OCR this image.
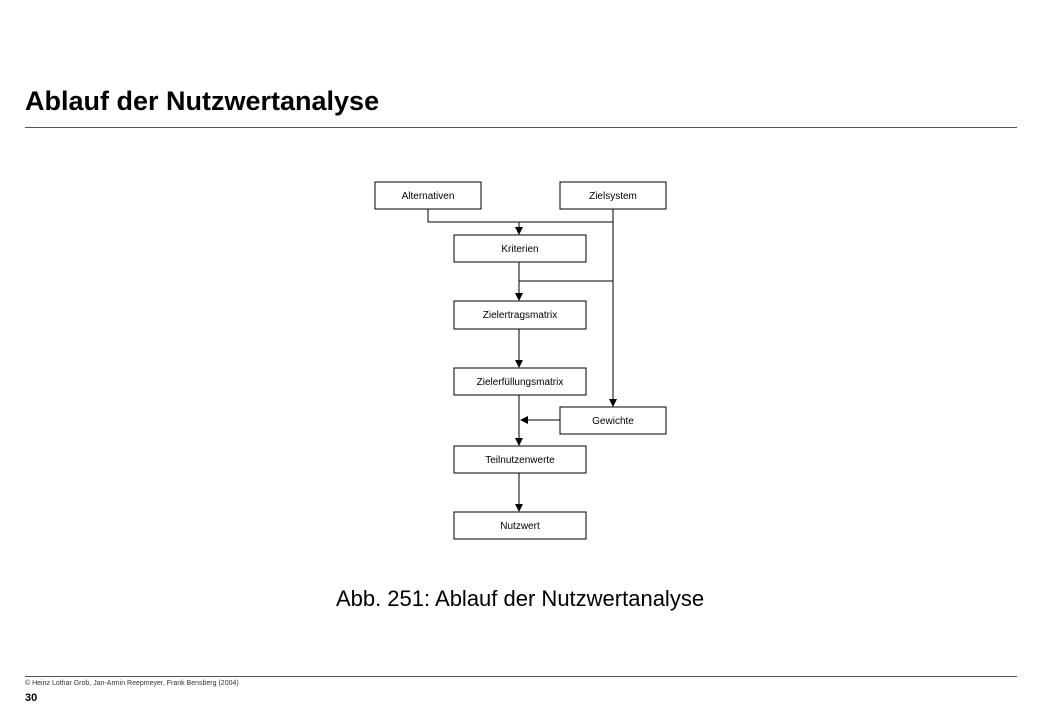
Ablauf der Nutzwertanalyse
Alternativen	Zielsystem
Kriterien
Zielertragsmatrix
Zielerfüllungsmatrix
Gewichte
Teilnutzenwerte
Nutzwert
Abb. 251: Ablauf der Nutzwertanalyse
© Heinz Lothar Grob, Jan-Armin Reepmeyer, Frank Bensberg (2004)
30
